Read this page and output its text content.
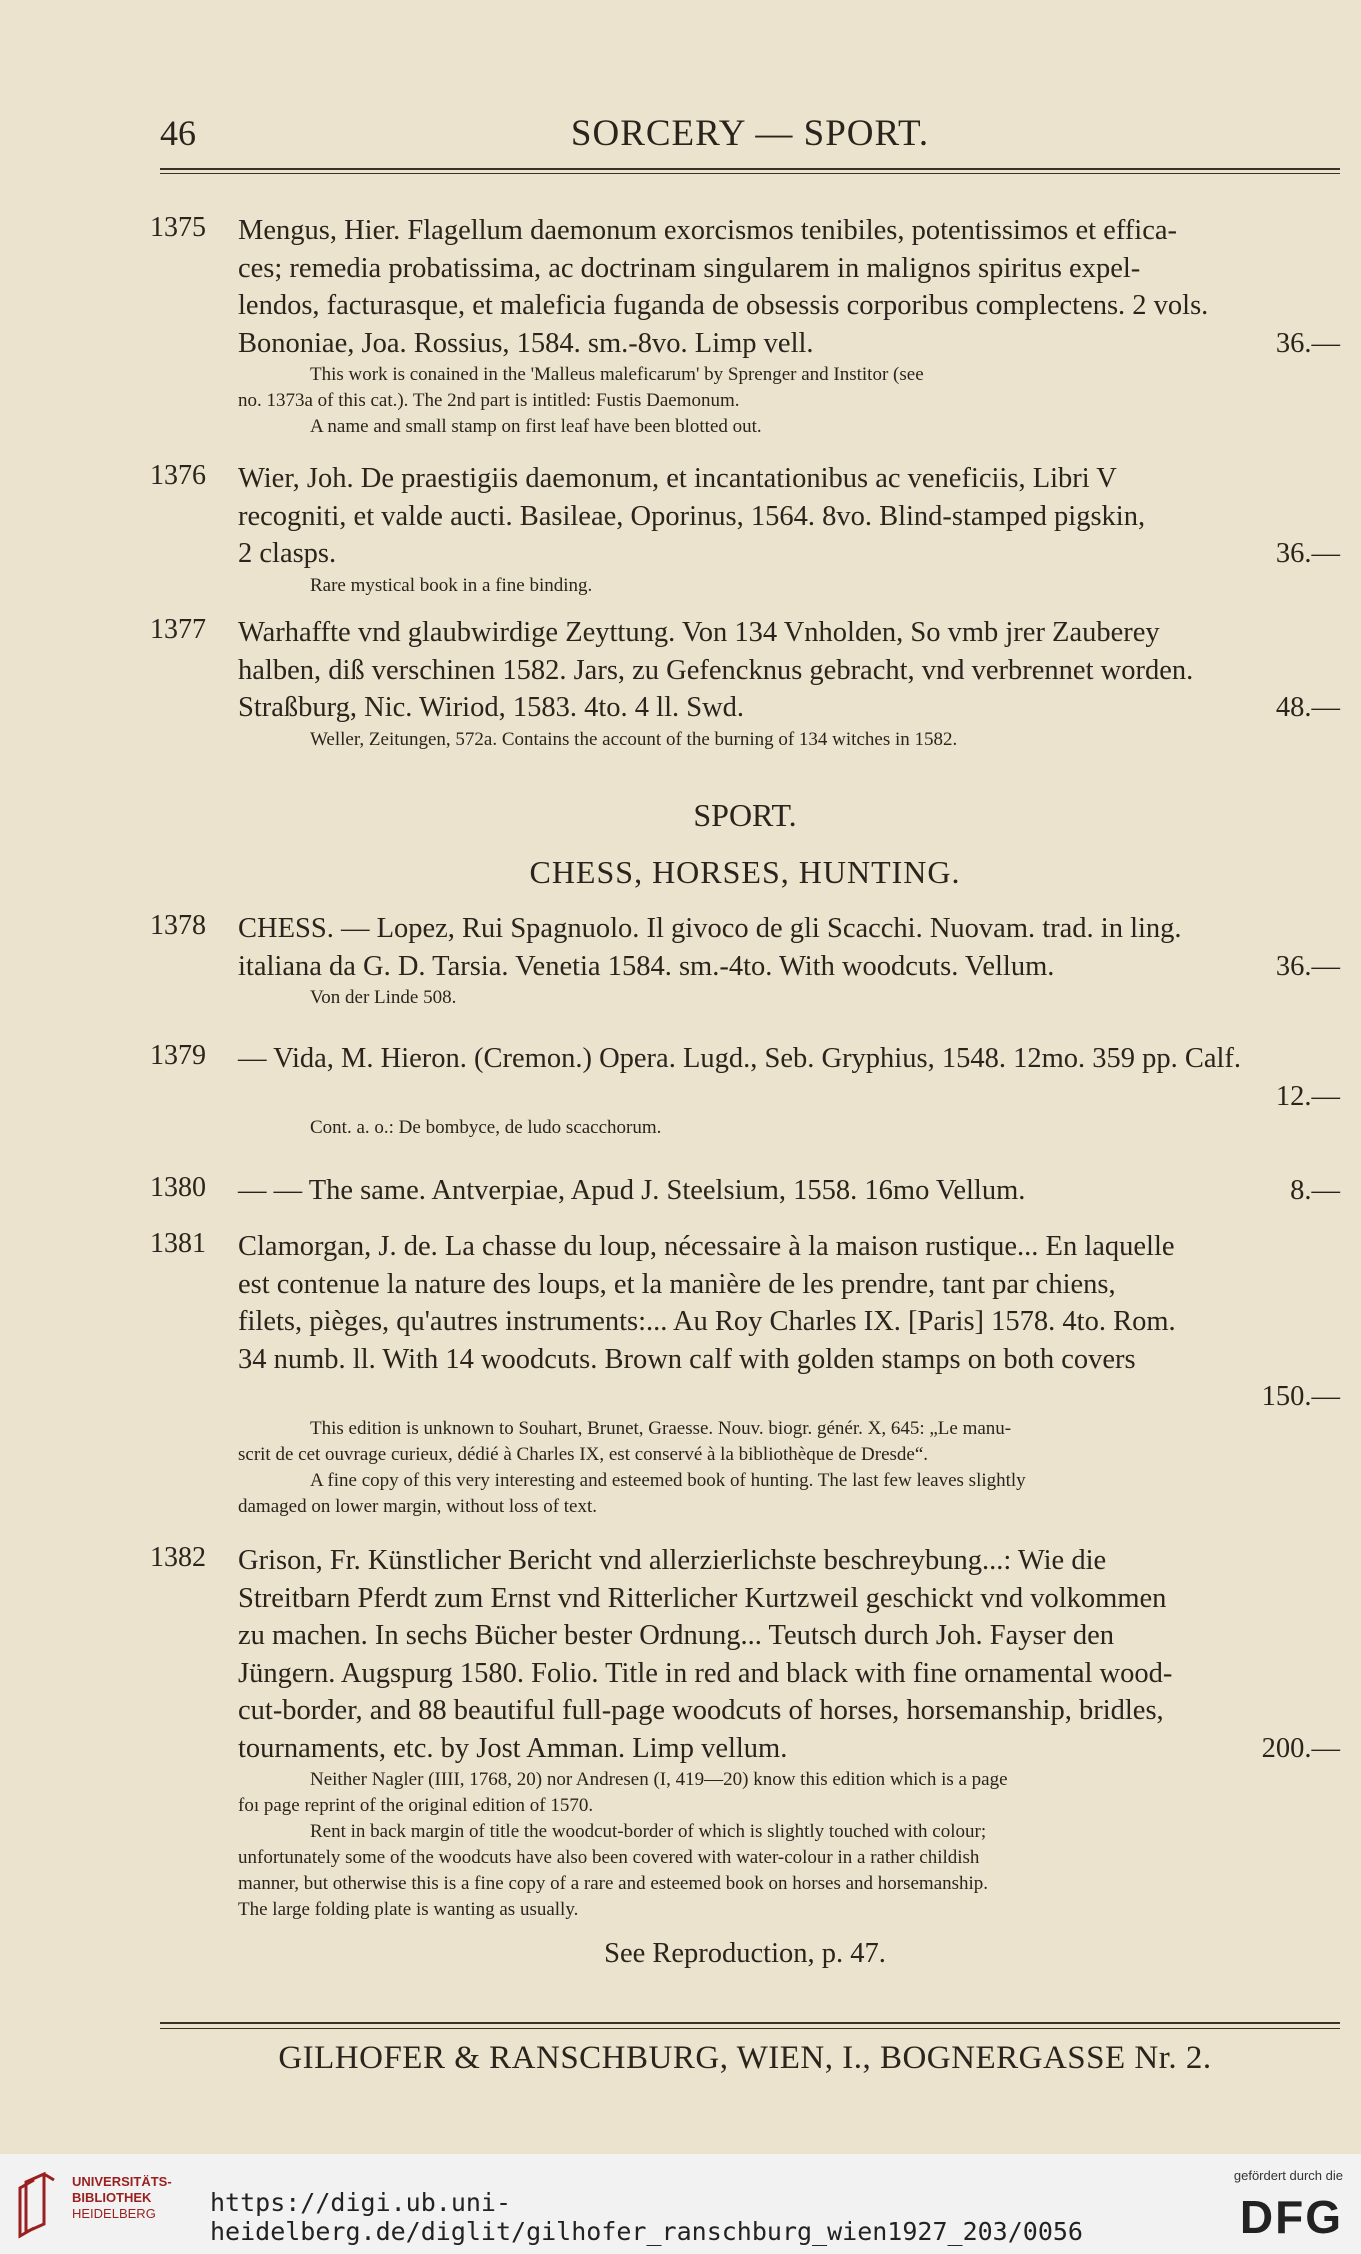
46	SORCERY — SPORT.
1375	Mengus, Hier. Flagellum daemonum exorcismos tenibiles, potentissimos et effica-
ces; remedia probatissima, ac doctrinam singularem in malignos spiritus expel-
lendos, facturasque, et maleficia fuganda de obsessis corporibus complectens. 2 vols.
Bononiae, Joa. Rossius, 1584. sm.-8vo. Limp vell.	36.—
This work is conained in the 'Malleus maleficarum' by Sprenger and Institor (see
no. 1373a of this cat.). The 2nd part is intitled: Fustis Daemonum.
A name and small stamp on first leaf have been blotted out.
1376	Wier, Joh. De praestigiis daemonum, et incantationibus ac veneficiis, Libri V
recogniti, et valde aucti. Basileae, Oporinus, 1564. 8vo. Blind-stamped pigskin,
2 clasps.	36.—
Rare mystical book in a fine binding.
1377	Warhaffte vnd glaubwirdige Zeyttung. Von 134 Vnholden, So vmb jrer Zauberey
halben, diß verschinen 1582. Jars, zu Gefencknus gebracht, vnd verbrennet worden.
Straßburg, Nic. Wiriod, 1583. 4to. 4 ll. Swd.	48.—
Weller, Zeitungen, 572a. Contains the account of the burning of 134 witches in 1582.
SPORT.
CHESS, HORSES, HUNTING.
1378	CHESS. — Lopez, Rui Spagnuolo. Il givoco de gli Scacchi. Nuovam. trad. in ling.
italiana da G. D. Tarsia. Venetia 1584. sm.-4to. With woodcuts. Vellum.	36.—
Von der Linde 508.
1379	— Vida, M. Hieron. (Cremon.) Opera. Lugd., Seb. Gryphius, 1548. 12mo. 359 pp. Calf.
12.—
Cont. a. o.: De bombyce, de ludo scacchorum.
1380	— — The same. Antverpiae, Apud J. Steelsium, 1558. 16mo Vellum.	8.—
1381	Clamorgan, J. de. La chasse du loup, nécessaire à la maison rustique... En laquelle
est contenue la nature des loups, et la manière de les prendre, tant par chiens,
filets, pièges, qu'autres instruments:... Au Roy Charles IX. [Paris] 1578. 4to. Rom.
34 numb. ll. With 14 woodcuts. Brown calf with golden stamps on both covers
150.—
This edition is unknown to Souhart, Brunet, Graesse. Nouv. biogr. génér. X, 645: „Le manu-
scrit de cet ouvrage curieux, dédié à Charles IX, est conservé à la bibliothèque de Dresde“.
A fine copy of this very interesting and esteemed book of hunting. The last few leaves slightly
damaged on lower margin, without loss of text.
1382	Grison, Fr. Künstlicher Bericht vnd allerzierlichste beschreybung...: Wie die
Streitbarn Pferdt zum Ernst vnd Ritterlicher Kurtzweil geschickt vnd volkommen
zu machen. In sechs Bücher bester Ordnung... Teutsch durch Joh. Fayser den
Jüngern. Augspurg 1580. Folio. Title in red and black with fine ornamental wood-
cut-border, and 88 beautiful full-page woodcuts of horses, horsemanship, bridles,
tournaments, etc. by Jost Amman. Limp vellum.	200.—
Neither Nagler (IIII, 1768, 20) nor Andresen (I, 419—20) know this edition which is a page
foı page reprint of the original edition of 1570.
Rent in back margin of title the woodcut-border of which is slightly touched with colour;
unfortunately some of the woodcuts have also been covered with water-colour in a rather childish
manner, but otherwise this is a fine copy of a rare and esteemed book on horses and horsemanship.
The large folding plate is wanting as usually.
See Reproduction, p. 47.
GILHOFER & RANSCHBURG, WIEN, I., BOGNERGASSE Nr. 2.
UNIVERSITÄTS-
BIBLIOTHEK
HEIDELBERG	https://digi.ub.uni-heidelberg.de/diglit/gilhofer_ranschburg_wien1927_203/0056
gefördert durch die
DFG
